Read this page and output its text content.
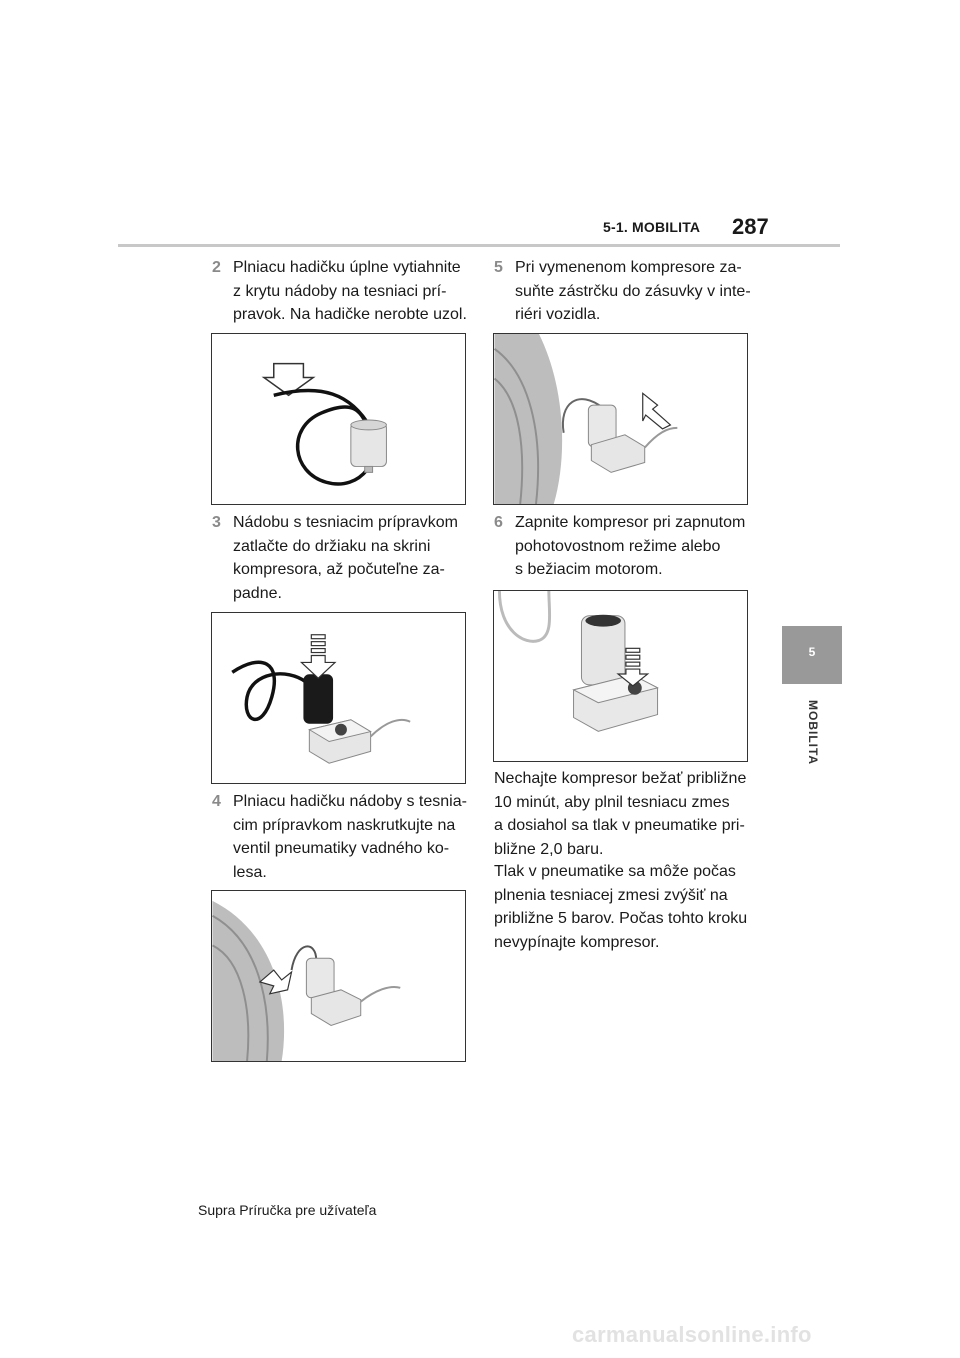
5-1. MOBILITA 287
5
MOBILITA
2 Plniacu hadičku úplne vytiahnite
z krytu nádoby na tesniaci prí-
pravok. Na hadičke nerobte uzol.
3 Nádobu s tesniacim prípravkom
zatlačte do držiaku na skrini
kompresora, až počuteľne za-
padne.
4 Plniacu hadičku nádoby s tesnia-
cim prípravkom naskrutkujte na
ventil pneumatiky vadného ko-
lesa.
5 Pri vymenenom kompresore za-
suňte zástrčku do zásuvky v inte-
riéri vozidla.
6 Zapnite kompresor pri zapnutom
pohotovostnom režime alebo
s bežiacim motorom.
Nechajte kompresor bežať približne
10 minút, aby plnil tesniacu zmes
a dosiahol sa tlak v pneumatike pri-
bližne 2,0 baru.
Tlak v pneumatike sa môže počas
plnenia tesniacej zmesi zvýšiť na
približne 5 barov. Počas tohto kroku
nevypínajte kompresor.
Supra Príručka pre užívateľa
carmanualsonline.info
